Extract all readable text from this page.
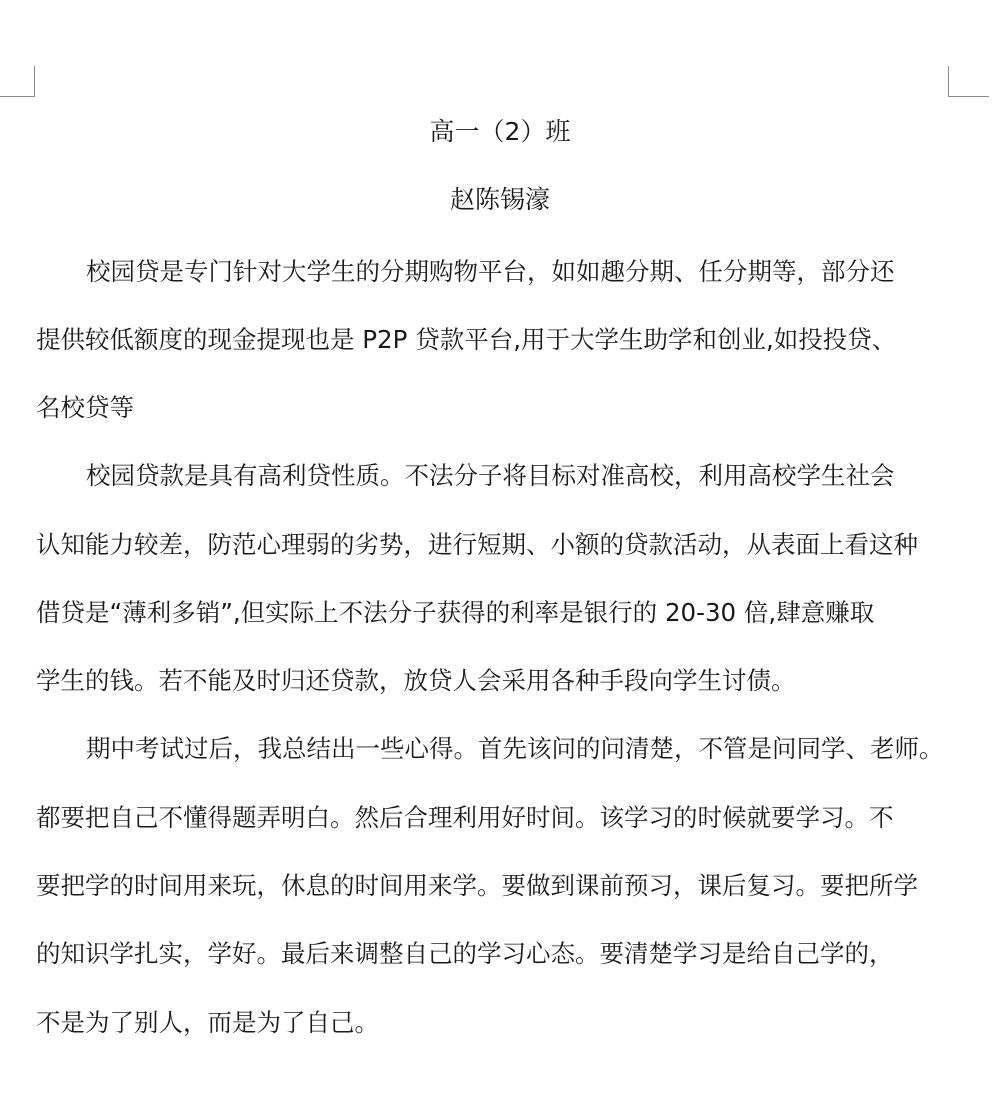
高一（2）班
赵陈锡濠
校园贷是专门针对大学生的分期购物平台，如如趣分期、任分期等，部分还
提供较低额度的现金提现也是 P2P 贷款平台,用于大学生助学和创业,如投投贷、
名校贷等
校园贷款是具有高利贷性质。不法分子将目标对准高校，利用高校学生社会
认知能力较差，防范心理弱的劣势，进行短期、小额的贷款活动，从表面上看这种
借贷是“薄利多销”,但实际上不法分子获得的利率是银行的 20-30 倍,肆意赚取
学生的钱。若不能及时归还贷款，放贷人会采用各种手段向学生讨债。
期中考试过后，我总结出一些心得。首先该问的问清楚，不管是问同学、老师。
都要把自己不懂得题弄明白。然后合理利用好时间。该学习的时候就要学习。不
要把学的时间用来玩，休息的时间用来学。要做到课前预习，课后复习。要把所学
的知识学扎实，学好。最后来调整自己的学习心态。要清楚学习是给自己学的，
不是为了别人，而是为了自己。
